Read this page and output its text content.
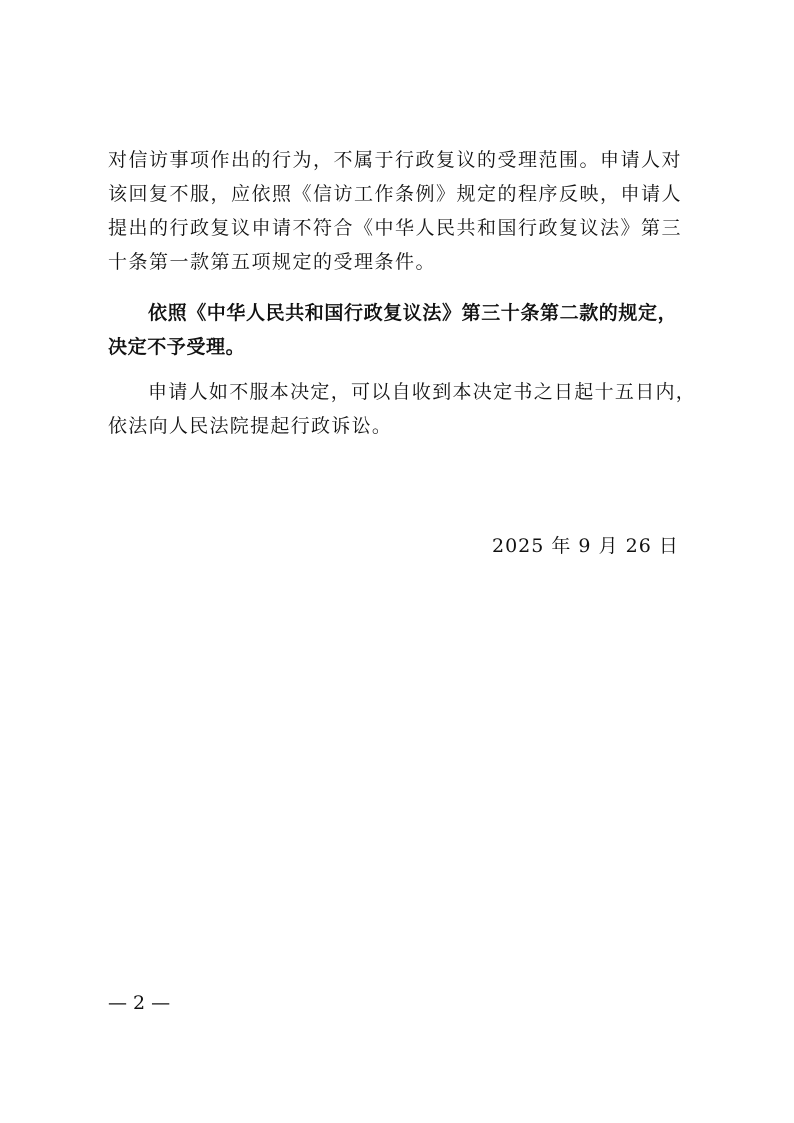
对信访事项作出的行为，不属于行政复议的受理范围。申请人对
该回复不服，应依照《信访工作条例》规定的程序反映，申请人
提出的行政复议申请不符合《中华人民共和国行政复议法》第三
十条第一款第五项规定的受理条件。
依照《中华人民共和国行政复议法》第三十条第二款的规定，
决定不予受理。
申请人如不服本决定，可以自收到本决定书之日起十五日内，
依法向人民法院提起行政诉讼。
2025 年 9 月 26 日
— 2 —
